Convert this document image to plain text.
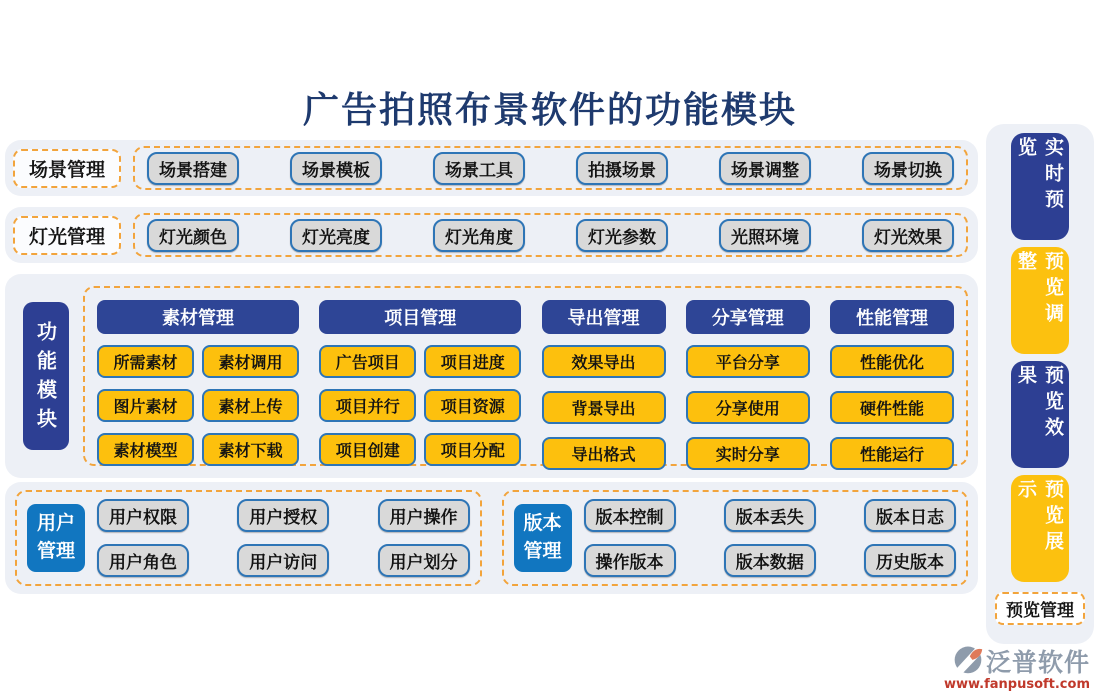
广告拍照布景软件的功能模块
场景管理	场景搭建	场景模板	场景工具	拍摄场景	场景调整	场景切换
灯光管理	灯光颜色	灯光亮度	灯光角度	灯光参数	光照环境	灯光效果
功能模块
素材管理
所需素材	素材调用
图片素材	素材上传
素材模型	素材下载
项目管理
广告项目	项目进度
项目并行	项目资源
项目创建	项目分配
导出管理
效果导出
背景导出
导出格式
分享管理
平台分享
分享使用
实时分享
性能管理
性能优化
硬件性能
性能运行
用户管理
用户权限	用户授权	用户操作
用户角色	用户访问	用户划分
版本管理
版本控制	版本丢失	版本日志
操作版本	版本数据	历史版本
实时预览
预览调整
预览效果
预览展示
预览管理
泛普软件
www.fanpusoft.com
